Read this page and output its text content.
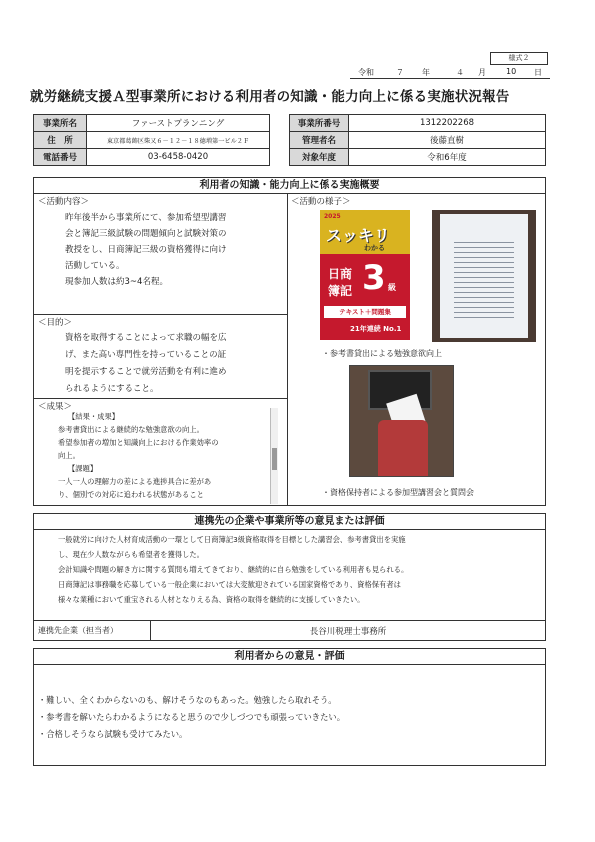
様式２
令和	７ 年	４ 月	10 日
就労継続支援Ａ型事業所における利用者の知識・能力向上に係る実施状況報告
事業所名	ファーストプランニング
住　所	東京都葛飾区柴又６－１２－１８德増第一ビル２Ｆ
電話番号	03-6458-0420
事業所番号	1312202268
管理者名	後藤直樹
対象年度	令和6年度
利用者の知識・能力向上に係る実施概要
＜活動内容＞
昨年後半から事業所にて、参加希望型講習
会と簿記三級試験の問題傾向と試験対策の
教授をし、日商簿記三級の資格獲得に向け
活動している。
現参加人数は約3~4名程。
＜目的＞
資格を取得することによって求職の幅を広
げ、また高い専門性を持っていることの証
明を提示することで就労活動を有利に進め
られるようにすること。
＜成果＞
【結果・成果】
参考書貸出による継続的な勉強意欲の向上。
希望参加者の増加と知識向上における作業効率の
向上。
【課題】
一人一人の理解力の差による進捗具合に差があ
り、個別での対応に追われる状態があること
＜活動の様子＞
2025
スッキリ
わかる
日商
簿記 3 級
テキスト＋問題集
21年連続 No.1
・参考書貸出による勉強意欲向上
・資格保持者による参加型講習会と質問会
連携先の企業や事業所等の意見または評価
一般就労に向けた人材育成活動の一環として日商簿記3級資格取得を目標とした講習会、参考書貸出を実施
し、現在少人数ながらも希望者を獲得した。
会計知識や問題の解き方に関する質問も増えてきており、継続的に自ら勉強をしている利用者も見られる。
日商簿記は事務職を応募している一般企業においては大変歓迎されている国家資格であり、資格保有者は
様々な業種において重宝される人材となりえる為、資格の取得を継続的に支援していきたい。
連携先企業（担当者）	長谷川税理士事務所
利用者からの意見・評価
・難しい、全くわからないのも、解けそうなのもあった。勉強したら取れそう。
・参考書を解いたらわかるようになると思うので少しづつでも頑張っていきたい。
・合格しそうなら試験も受けてみたい。
